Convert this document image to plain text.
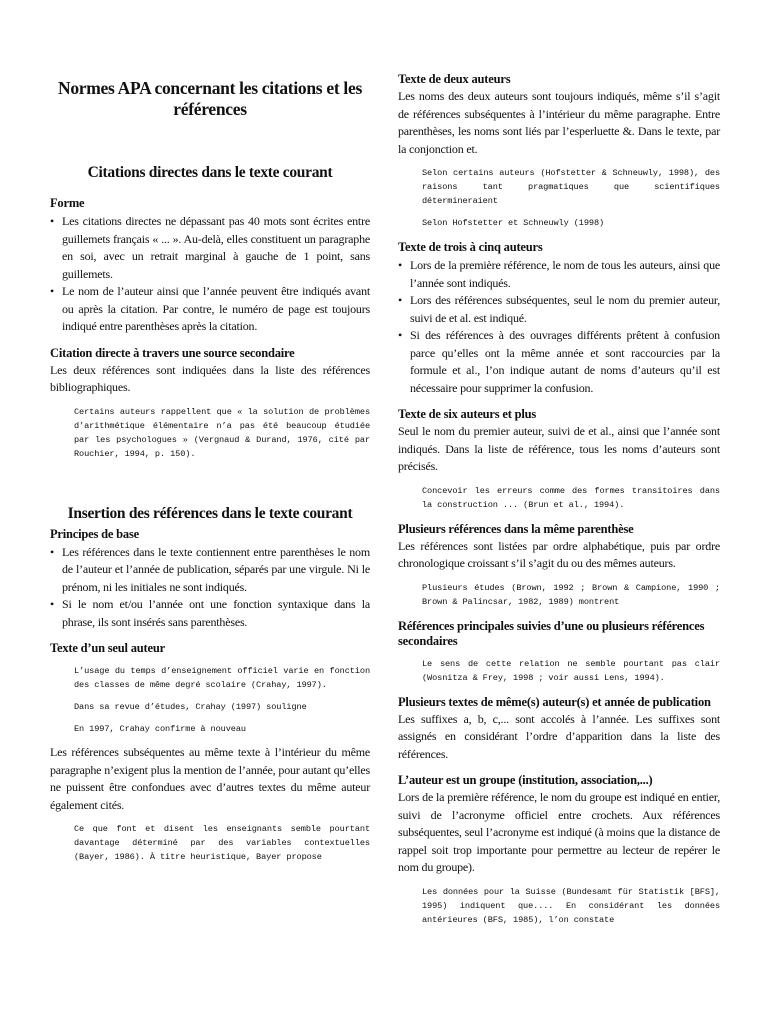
Normes APA concernant les citations et les références
Citations directes dans le texte courant
Forme
• Les citations directes ne dépassant pas 40 mots sont écrites entre guillemets français « ... ». Au-delà, elles constituent un paragraphe en soi, avec un retrait marginal à gauche de 1 point, sans guillemets.
• Le nom de l’auteur ainsi que l’année peuvent être indiqués avant ou après la citation. Par contre, le numéro de page est toujours indiqué entre parenthèses après la citation.
Citation directe à travers une source secondaire

Les deux références sont indiquées dans la liste des références bibliographiques.

Certains auteurs rappellent que « la solution de problèmes d’arithmétique élémentaire n’a pas été beaucoup étudiée par les psychologues » (Vergnaud & Durand, 1976, cité par Rouchier, 1994, p. 150).
Insertion des références dans le texte courant
Principes de base
• Les références dans le texte contiennent entre parenthèses le nom de l’auteur et l’année de publication, séparés par une virgule. Ni le prénom, ni les initiales ne sont indiqués.
• Si le nom et/ou l’année ont une fonction syntaxique dans la phrase, ils sont insérés sans parenthèses.
Texte d’un seul auteur
L’usage du temps d’enseignement officiel varie en fonction des classes de même degré scolaire (Crahay, 1997).
Dans sa revue d’études, Crahay (1997) souligne
En 1997, Crahay confirme à nouveau

Les références subséquentes au même texte à l’intérieur du même paragraphe n’exigent plus la mention de l’année, pour autant qu’elles ne puissent être confondues avec d’autres textes du même auteur également cités.

Ce que font et disent les enseignants semble pourtant davantage déterminé par des variables contextuelles (Bayer, 1986). À titre heuristique, Bayer propose
Texte de deux auteurs

Les noms des deux auteurs sont toujours indiqués, même s’il s’agit de références subséquentes à l’intérieur du même paragraphe. Entre parenthèses, les noms sont liés par l’esperluette &. Dans le texte, par la conjonction et.

Selon certains auteurs (Hofstetter & Schneuwly, 1998), des raisons tant pragmatiques que scientifiques détermineraient
Selon Hofstetter et Schneuwly (1998)
Texte de trois à cinq auteurs
• Lors de la première référence, le nom de tous les auteurs, ainsi que l’année sont indiqués.
• Lors des références subséquentes, seul le nom du premier auteur, suivi de et al. est indiqué.
• Si des références à des ouvrages différents prêtent à confusion parce qu’elles ont la même année et sont raccourcies par la formule et al., l’on indique autant de noms d’auteurs qu’il est nécessaire pour supprimer la confusion.
Texte de six auteurs et plus

Seul le nom du premier auteur, suivi de et al., ainsi que l’année sont indiqués. Dans la liste de référence, tous les noms d’auteurs sont précisés.

Concevoir les erreurs comme des formes transitoires dans la construction ... (Brun et al., 1994).
Plusieurs références dans la même parenthèse

Les références sont listées par ordre alphabétique, puis par ordre chronologique croissant s’il s’agit du ou des mêmes auteurs.

Plusieurs études (Brown, 1992 ; Brown & Campione, 1990 ; Brown & Palincsar, 1982, 1989) montrent
Références principales suivies d’une ou plusieurs références secondaires
Le sens de cette relation ne semble pourtant pas clair (Wosnitza & Frey, 1998 ; voir aussi Lens, 1994).
Plusieurs textes de même(s) auteur(s) et année de publication

Les suffixes a, b, c,... sont accolés à l’année. Les suffixes sont assignés en considérant l’ordre d’apparition dans la liste des références.

L’auteur est un groupe (institution, association,...)

Lors de la première référence, le nom du groupe est indiqué en entier, suivi de l’acronyme officiel entre crochets. Aux références subséquentes, seul l’acronyme est indiqué (à moins que la distance de rappel soit trop importante pour permettre au lecteur de repérer le nom du groupe).

Les données pour la Suisse (Bundesamt für Statistik [BFS], 1995) indiquent que.... En considérant les données antérieures (BFS, 1985), l’on constate
